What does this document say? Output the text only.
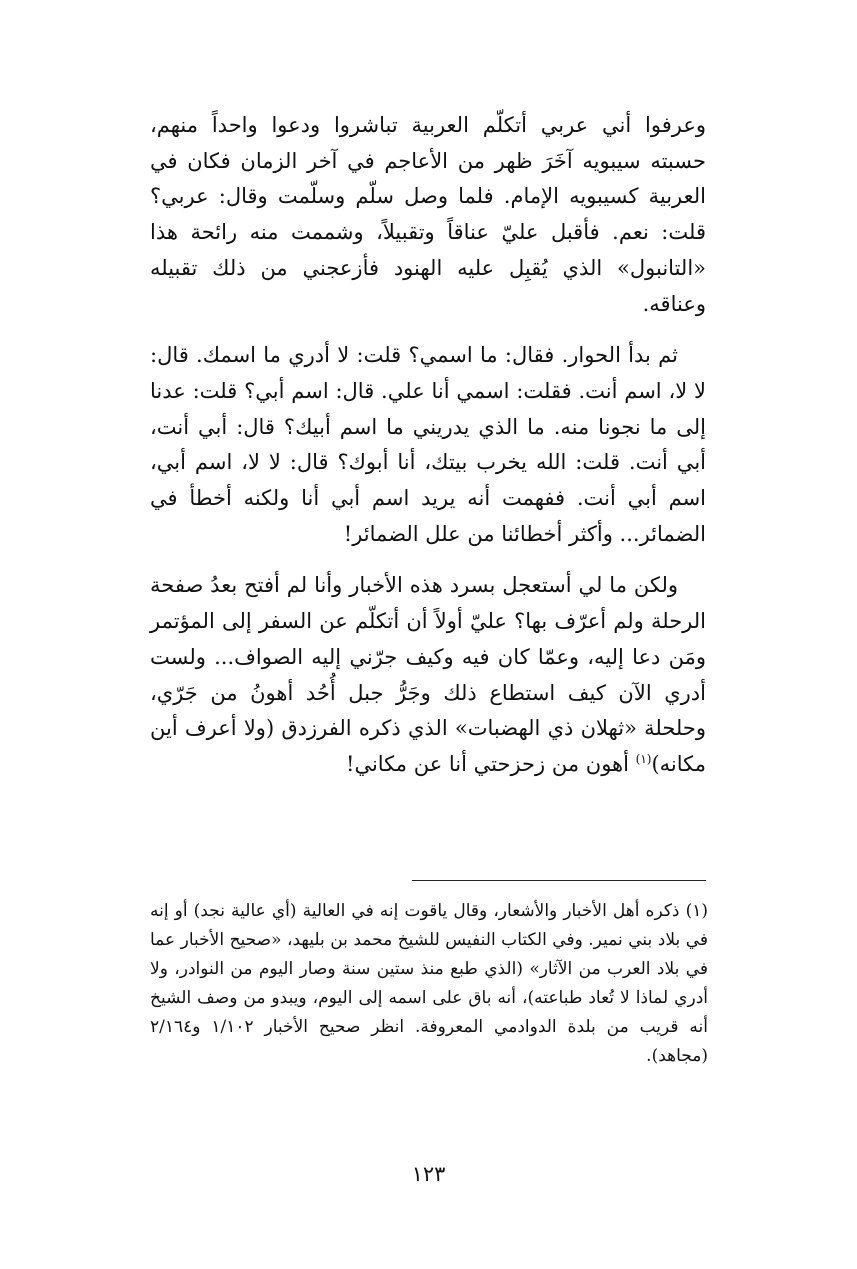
وعرفوا أني عربي أتكلّم العربية تباشروا ودعوا واحداً منهم، حسبته سيبويه آخَرَ ظهر من الأعاجم في آخر الزمان فكان في العربية كسيبويه الإمام. فلما وصل سلّم وسلّمت وقال: عربي؟ قلت: نعم. فأقبل عليّ عناقاً وتقبيلاً، وشممت منه رائحة هذا «التانبول» الذي يُقبِل عليه الهنود فأزعجني من ذلك تقبيله وعناقه.

ثم بدأ الحوار. فقال: ما اسمي؟ قلت: لا أدري ما اسمك. قال: لا لا، اسم أنت. فقلت: اسمي أنا علي. قال: اسم أبي؟ قلت: عدنا إلى ما نجونا منه. ما الذي يدريني ما اسم أبيك؟ قال: أبي أنت، أبي أنت. قلت: الله يخرب بيتك، أنا أبوك؟ قال: لا لا، اسم أبي، اسم أبي أنت. ففهمت أنه يريد اسم أبي أنا ولكنه أخطأ في الضمائر... وأكثر أخطائنا من علل الضمائر!

ولكن ما لي أستعجل بسرد هذه الأخبار وأنا لم أفتح بعدُ صفحة الرحلة ولم أعرّف بها؟ عليّ أولاً أن أتكلّم عن السفر إلى المؤتمر ومَن دعا إليه، وعمّا كان فيه وكيف جرّني إليه الصواف... ولست أدري الآن كيف استطاع ذلك وجَرُّ جبل أُحُد أهونُ من جَرّي، وحلحلة «ثهلان ذي الهضبات» الذي ذكره الفرزدق (ولا أعرف أين مكانه)$^{(١)}$ أهون من زحزحتي أنا عن مكاني!

(١) ذكره أهل الأخبار والأشعار، وقال ياقوت إنه في العالية (أي عالية نجد) أو إنه في بلاد بني نمير. وفي الكتاب النفيس للشيخ محمد بن بليهد، «صحيح الأخبار عما في بلاد العرب من الآثار» (الذي طبع منذ ستين سنة وصار اليوم من النوادر، ولا أدري لماذا لا تُعاد طباعته)، أنه باق على اسمه إلى اليوم، ويبدو من وصف الشيخ أنه قريب من بلدة الدوادمي المعروفة. انظر صحيح الأخبار ١/١٠٢ و٢/١٦٤ (مجاهد).

١٢٣
